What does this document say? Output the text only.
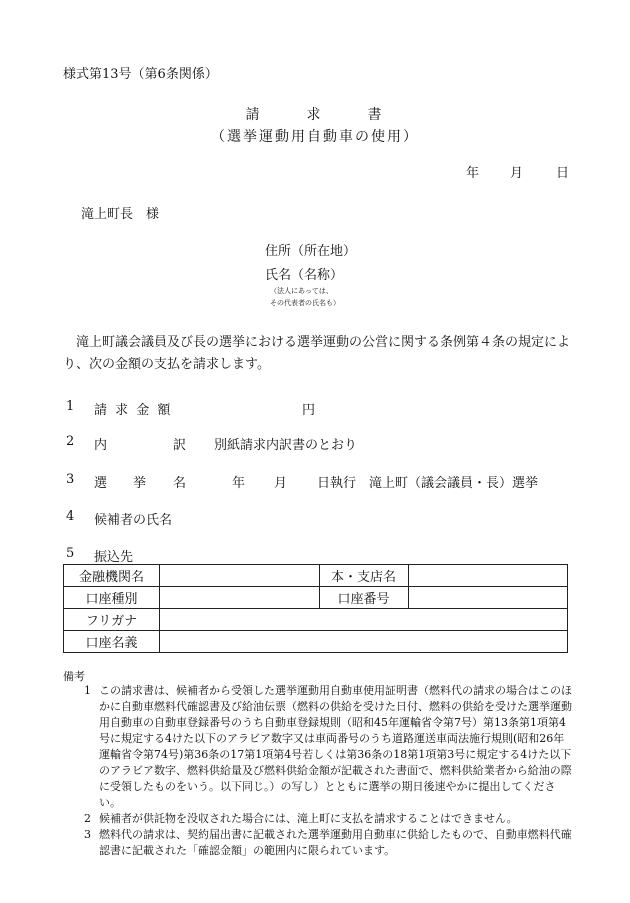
様式第13号（第6条関係）
請	求	書
（選挙運動用自動車の使用）
年 月	日
滝上町長　様
住所（所在地）
氏名（名称）
（法人にあっては、
その代表者の氏名も）
滝上町議会議員及び長の選挙における選挙運動の公営に関する条例第４条の規定により、次の金額の支払を請求します。
1 請 求 金 額	円
2 内	訳 別紙請求内訳書のとおり
3 選 挙 名	年 月 日執行　滝上町（議会議員・長）選挙
4 候補者の氏名
5 振込先
金融機関名		本・支店名	
口座種別		口座番号	
フリガナ			
口座名義			
備考
1 この請求書は、候補者から受領した選挙運動用自動車使用証明書（燃料代の請求の場合はこのほかに自動車燃料代確認書及び給油伝票（燃料の供給を受けた日付、燃料の供給を受けた選挙運動用自動車の自動車登録番号のうち自動車登録規則（昭和45年運輸省令第7号）第13条第1項第4号に規定する4けた以下のアラビア数字又は車両番号のうち道路運送車両法施行規則(昭和26年運輸省令第74号)第36条の17第1項第4号若しくは第36条の18第1項第3号に規定する4けた以下のアラビア数字、燃料供給量及び燃料供給金額が記載された書面で、燃料供給業者から給油の際に受領したものをいう。以下同じ。）の写し）とともに選挙の期日後速やかに提出してください。
2 候補者が供託物を没収された場合には、滝上町に支払を請求することはできません。
3 燃料代の請求は、契約届出書に記載された選挙運動用自動車に供給したもので、自動車燃料代確認書に記載された「確認金額」の範囲内に限られています。
